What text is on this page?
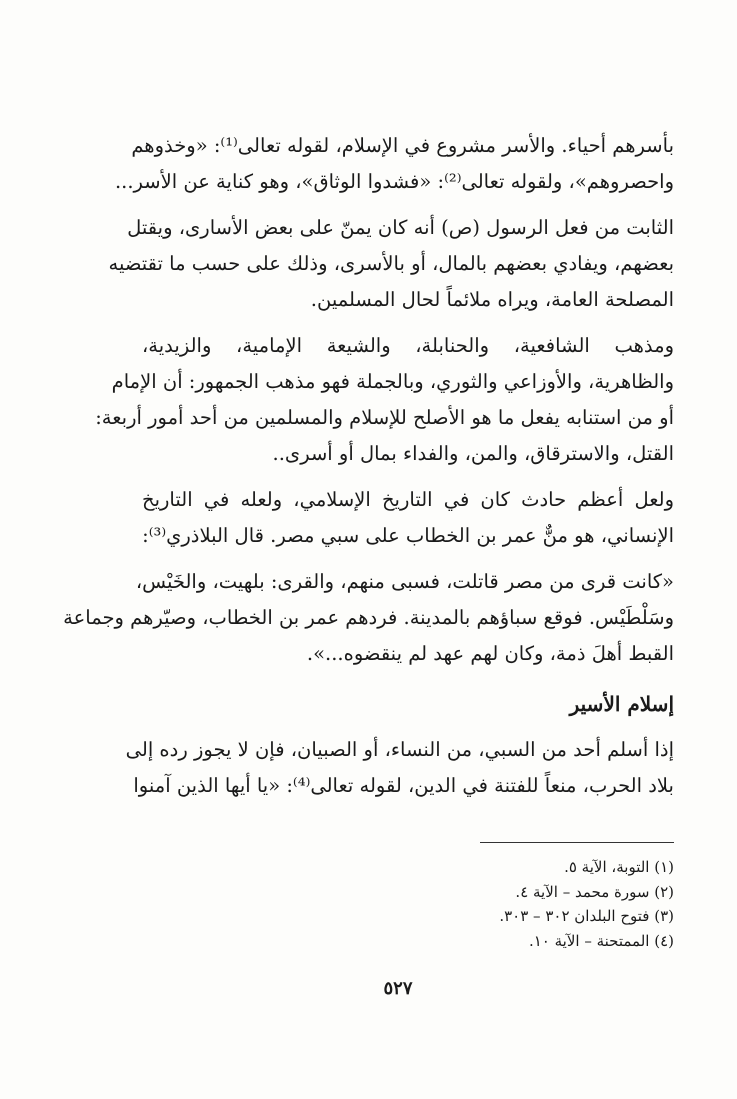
بأسرهم أحياء. والأسر مشروع في الإسلام، لقوله تعالى⁽¹⁾: «وخذوهم
واحصروهم»، ولقوله تعالى⁽²⁾: «فشدوا الوثاق»، وهو كناية عن الأسر...

الثابت من فعل الرسول (ص) أنه كان يمنّ على بعض الأسارى، ويقتل
بعضهم، ويفادي بعضهم بالمال، أو بالأسرى، وذلك على حسب ما تقتضيه
المصلحة العامة، ويراه ملائماً لحال المسلمين.

ومذهب الشافعية، والحنابلة، والشيعة الإمامية، والزيدية،
والظاهرية، والأوزاعي والثوري، وبالجملة فهو مذهب الجمهور: أن الإمام
أو من استنابه يفعل ما هو الأصلح للإسلام والمسلمين من أحد أمور أربعة:
القتل، والاسترقاق، والمن، والفداء بمال أو أسرى..

ولعل أعظم حادث كان في التاريخ الإسلامي، ولعله في التاريخ
الإنساني، هو منٌّ عمر بن الخطاب على سبي مصر. قال البلاذري⁽³⁾:

«كانت قرى من مصر قاتلت، فسبى منهم، والقرى: بلهيت، والخَيْس،
وسَلْطَيْس. فوقع سباؤهم بالمدينة. فردهم عمر بن الخطاب، وصيّرهم وجماعة
القبط أهلَ ذمة، وكان لهم عهد لم ينقضوه...».

إسلام الأسير

إذا أسلم أحد من السبي، من النساء، أو الصبيان، فإن لا يجوز رده إلى
بلاد الحرب، منعاً للفتنة في الدين، لقوله تعالى⁽⁴⁾: «يا أيها الذين آمنوا

(١) التوبة، الآية ٥.
(٢) سورة محمد – الآية ٤.
(٣) فتوح البلدان ٣٠٢ – ٣٠٣.
(٤) الممتحنة – الآية ١٠.
٥٢٧
